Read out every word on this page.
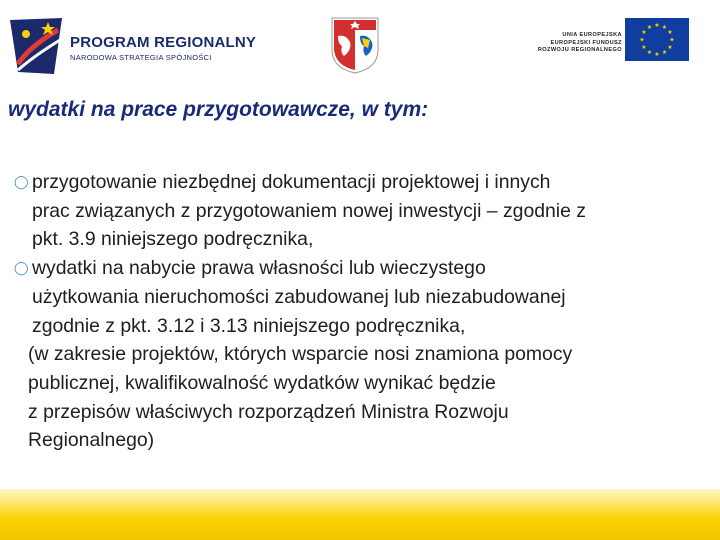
PROGRAM REGIONALNY
NARODOWA STRATEGIA SPÓJNOŚCI
UNIA EUROPEJSKA
EUROPEJSKI FUNDUSZ
ROZWOJU REGIONALNEGO
★ ★
★
★
★
★
★
★
★
★
★
★
wydatki na prace przygotowawcze, w tym:
◯ przygotowanie niezbędnej dokumentacji projektowej i innych
prac związanych z przygotowaniem nowej inwestycji – zgodnie z
pkt. 3.9 niniejszego podręcznika,
◯ wydatki na nabycie prawa własności lub wieczystego
użytkowania nieruchomości zabudowanej lub niezabudowanej
zgodnie z pkt. 3.12 i 3.13 niniejszego podręcznika,
(w zakresie projektów, których wsparcie nosi znamiona pomocy
publicznej, kwalifikowalność wydatków wynikać będzie
z przepisów właściwych rozporządzeń Ministra Rozwoju
Regionalnego)
